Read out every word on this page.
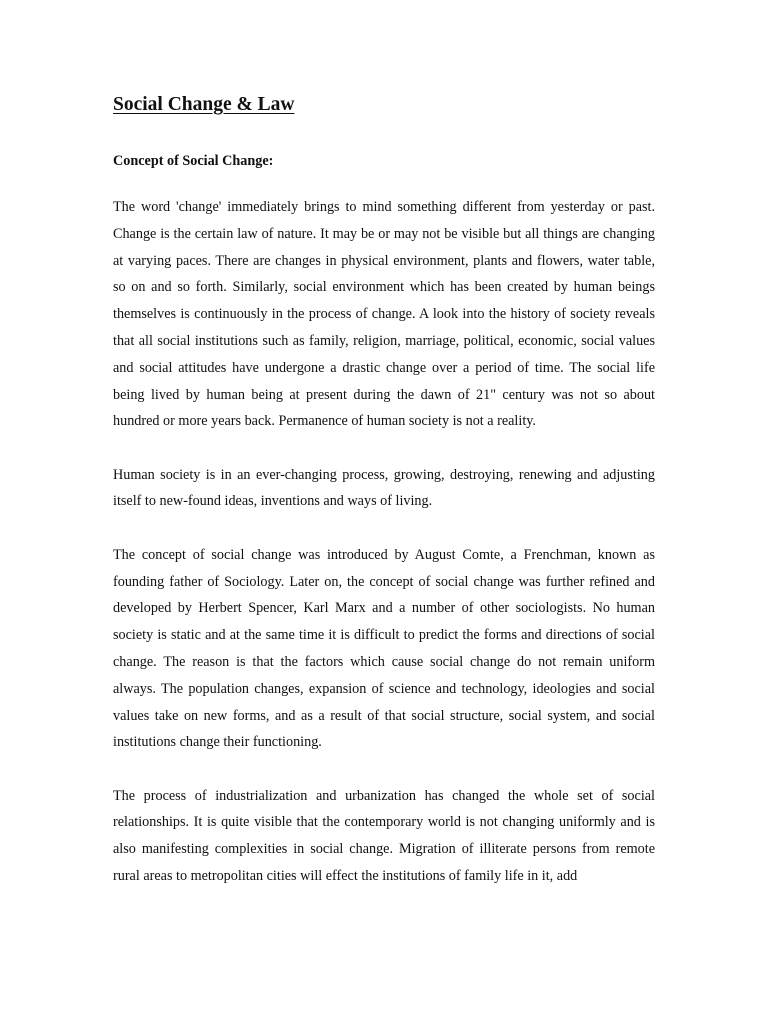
Social Change & Law
Concept of Social Change:

The word 'change' immediately brings to mind something different from yesterday or past. Change is the certain law of nature. It may be or may not be visible but all things are changing at varying paces. There are changes in physical environment, plants and flowers, water table, so on and so forth. Similarly, social environment which has been created by human beings themselves is continuously in the process of change. A look into the history of society reveals that all social institutions such as family, religion, marriage, political, economic, social values and social attitudes have undergone a drastic change over a period of time. The social life being lived by human being at present during the dawn of 21" century was not so about hundred or more years back. Permanence of human society is not a reality.

Human society is in an ever-changing process, growing, destroying, renewing and adjusting itself to new-found ideas, inventions and ways of living.

The concept of social change was introduced by August Comte, a Frenchman, known as founding father of Sociology. Later on, the concept of social change was further refined and developed by Herbert Spencer, Karl Marx and a number of other sociologists. No human society is static and at the same time it is difficult to predict the forms and directions of social change. The reason is that the factors which cause social change do not remain uniform always. The population changes, expansion of science and technology, ideologies and social values take on new forms, and as a result of that social structure, social system, and social institutions change their functioning.

The process of industrialization and urbanization has changed the whole set of social relationships. It is quite visible that the contemporary world is not changing uniformly and is also manifesting complexities in social change. Migration of illiterate persons from remote rural areas to metropolitan cities will effect the institutions of family life in it, add
